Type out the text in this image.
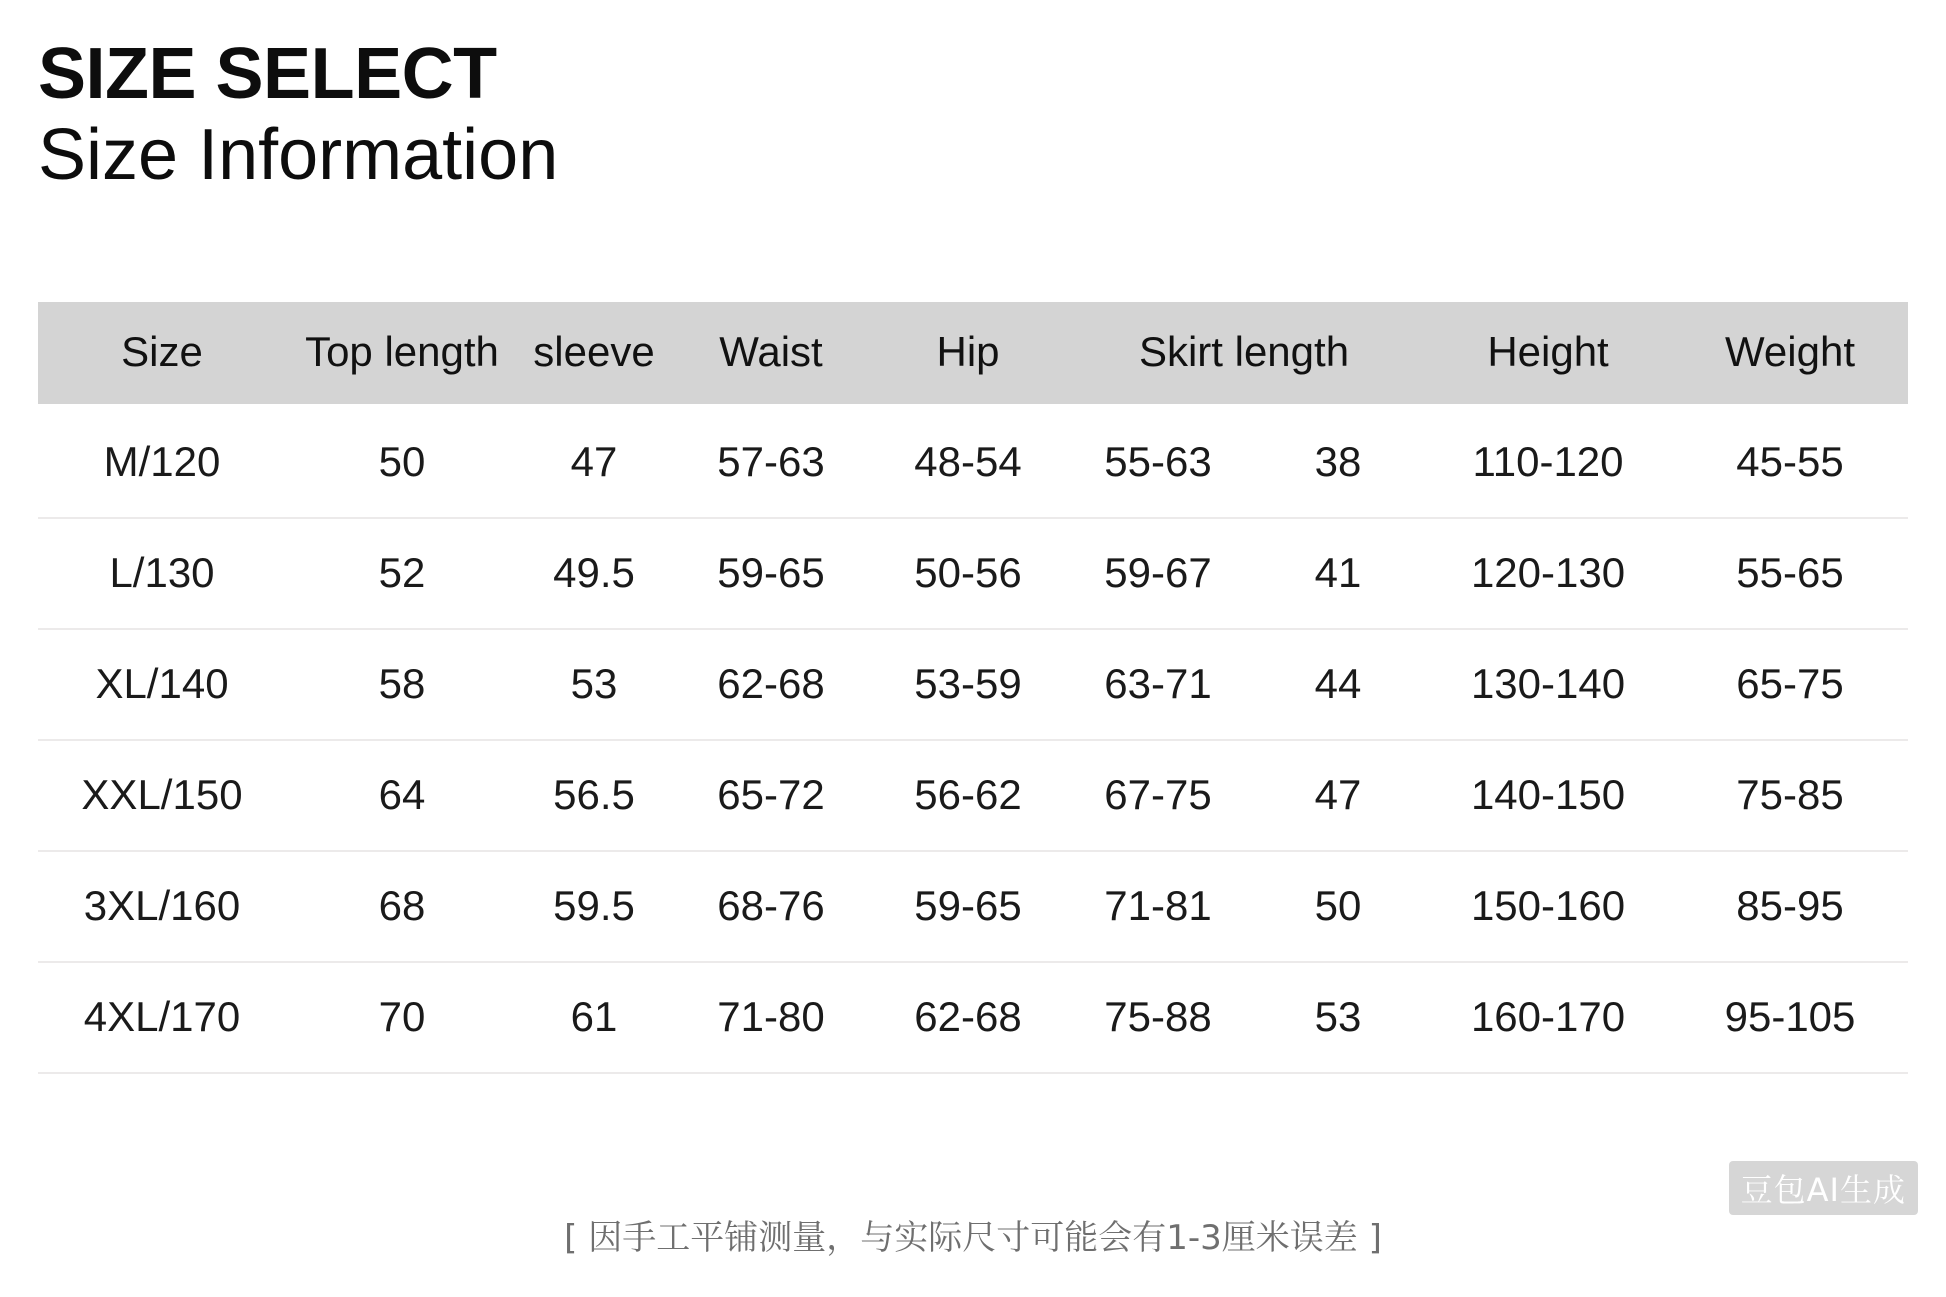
SIZE SELECT
Size Information
Size	Top length	sleeve	Waist	Hip	Skirt length		Height	Weight
M/120	50	47	57-63	48-54	55-63	38	110-120	45-55
L/130	52	49.5	59-65	50-56	59-67	41	120-130	55-65
XL/140	58	53	62-68	53-59	63-71	44	130-140	65-75
XXL/150	64	56.5	65-72	56-62	67-75	47	140-150	75-85
3XL/160	68	59.5	68-76	59-65	71-81	50	150-160	85-95
4XL/170	70	61	71-80	62-68	75-88	53	160-170	95-105
豆包AI生成
[ 因手工平铺测量，与实际尺寸可能会有1-3厘米误差 ]
